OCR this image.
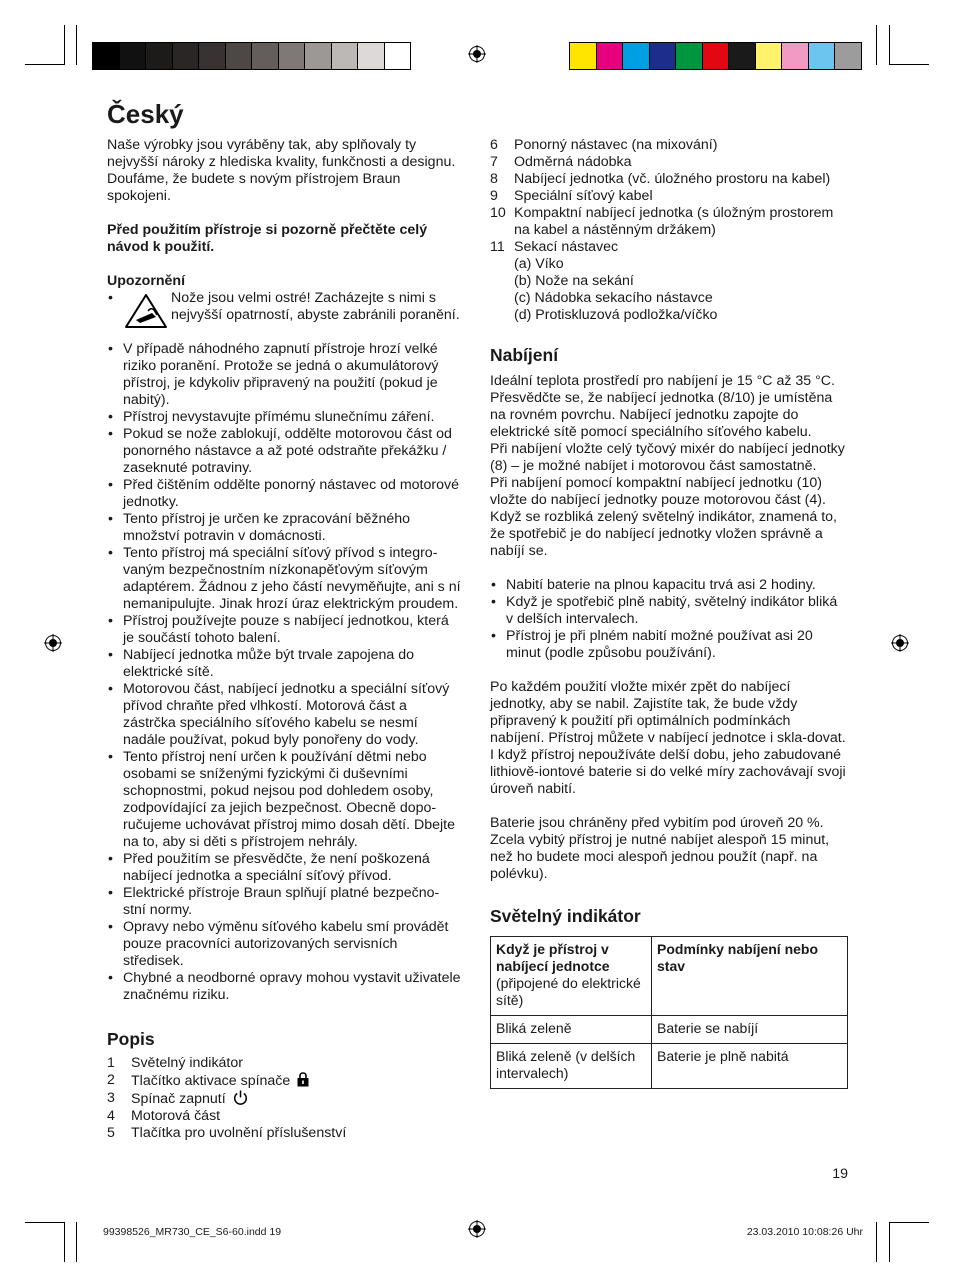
Český

Naše výrobky jsou vyráběny tak, aby splňovaly ty nejvyšší nároky z hlediska kvality, funkčnosti a designu. Doufáme, že budete s novým přístrojem Braun spokojeni.

Před použitím přístroje si pozorně přečtěte celý návod k použití.

Upozornění

• Nože jsou velmi ostré! Zacházejte s nimi s nejvyšší opatrností, abyste zabránili poranění.
• V případě náhodného zapnutí přístroje hrozí velké riziko poranění. Protože se jedná o akumulátorový přístroj, je kdykoliv připravený na použití (pokud je nabitý).
• Přístroj nevystavujte přímému slunečnímu záření.
• Pokud se nože zablokují, oddělte motorovou část od ponorného nástavce a až poté odstraňte překážku / zaseknuté potraviny.
• Před čištěním oddělte ponorný nástavec od motorové jednotky.
• Tento přístroj je určen ke zpracování běžného množství potravin v domácnosti.
• Tento přístroj má speciální síťový přívod s integro-vaným bezpečnostním nízkonapěťovým síťovým adaptérem. Žádnou z jeho částí nevyměňujte, ani s ní nemanipulujte. Jinak hrozí úraz elektrickým proudem.
• Přístroj používejte pouze s nabíjecí jednotkou, která je součástí tohoto balení.
• Nabíjecí jednotka může být trvale zapojena do elektrické sítě.
• Motorovou část, nabíjecí jednotku a speciální síťový přívod chraňte před vlhkostí. Motorová část a zástrčka speciálního síťového kabelu se nesmí nadále používat, pokud byly ponořeny do vody.
• Tento přístroj není určen k používání dětmi nebo osobami se sníženými fyzickými či duševními schopnostmi, pokud nejsou pod dohledem osoby, zodpovídající za jejich bezpečnost. Obecně dopo-ručujeme uchovávat přístroj mimo dosah dětí. Dbejte na to, aby si děti s přístrojem nehrály.
• Před použitím se přesvědčte, že není poškozená nabíjecí jednotka a speciální síťový přívod.
• Elektrické přístroje Braun splňují platné bezpečno-stní normy.
• Opravy nebo výměnu síťového kabelu smí provádět pouze pracovníci autorizovaných servisních středisek.
• Chybné a neodborné opravy mohou vystavit uživatele značnému riziku.

Popis

1 Světelný indikátor
2 Tlačítko aktivace spínače
3 Spínač zapnutí
4 Motorová část
5 Tlačítka pro uvolnění příslušenství
6 Ponorný nástavec (na mixování)
7 Odměrná nádobka
8 Nabíjecí jednotka (vč. úložného prostoru na kabel)
9 Speciální síťový kabel
10 Kompaktní nabíjecí jednotka (s úložným prostorem na kabel a nástěnným držákem)
11 Sekací nástavec
(a) Víko
(b) Nože na sekání
(c) Nádobka sekacího nástavce
(d) Protiskluzová podložka/víčko

Nabíjení

Ideální teplota prostředí pro nabíjení je 15 °C až 35 °C.

Přesvědčte se, že nabíjecí jednotka (8/10) je umístěna na rovném povrchu. Nabíjecí jednotku zapojte do elektrické sítě pomocí speciálního síťového kabelu.

Při nabíjení vložte celý tyčový mixér do nabíjecí jednotky (8) – je možné nabíjet i motorovou část samostatně.

Při nabíjení pomocí kompaktní nabíjecí jednotku (10) vložte do nabíjecí jednotky pouze motorovou část (4).

Když se rozbliká zelený světelný indikátor, znamená to, že spotřebič je do nabíjecí jednotky vložen správně a nabíjí se.

• Nabití baterie na plnou kapacitu trvá asi 2 hodiny.
• Když je spotřebič plně nabitý, světelný indikátor bliká v delších intervalech.
• Přístroj je při plném nabití možné používat asi 20 minut (podle způsobu používání).

Po každém použití vložte mixér zpět do nabíjecí jednotky, aby se nabil. Zajistíte tak, že bude vždy připravený k použití při optimálních podmínkách nabíjení. Přístroj můžete v nabíjecí jednotce i skla-dovat. I když přístroj nepoužíváte delší dobu, jeho zabudované lithiově-iontové baterie si do velké míry zachovávají svoji úroveň nabití.

Baterie jsou chráněny před vybitím pod úroveň 20 %. Zcela vybitý přístroj je nutné nabíjet alespoň 15 minut, než ho budete moci alespoň jednou použít (např. na polévku).

Světelný indikátor

Když je přístroj v nabíjecí jednotce
(připojené do elektrické sítě)	Podmínky nabíjení nebo stav
Bliká zeleně	Baterie se nabíjí
Bliká zeleně (v delších intervalech)	Baterie je plně nabitá
19
99398526_MR730_CE_S6-60.indd 19	23.03.2010 10:08:26 Uhr
